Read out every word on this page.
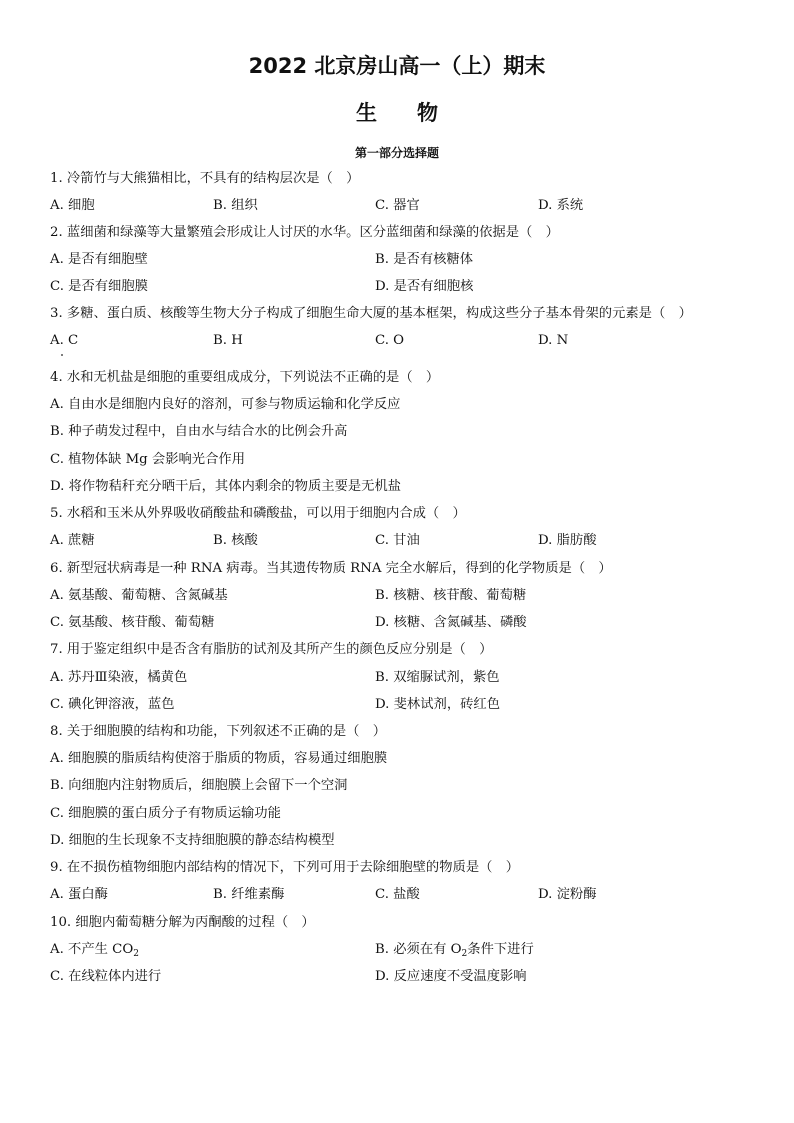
2022 北京房山高一（上）期末
生物
第一部分选择题
1. 冷箭竹与大熊猫相比，不具有的结构层次是（　）
A. 细胞	B. 组织	C. 器官	D. 系统
2. 蓝细菌和绿藻等大量繁殖会形成让人讨厌的水华。区分蓝细菌和绿藻的依据是（　）
A. 是否有细胞壁	B. 是否有核糖体
C. 是否有细胞膜	D. 是否有细胞核
3. 多糖、蛋白质、核酸等生物大分子构成了细胞生命大厦的基本框架，构成这些分子基本骨架的元素是（　）
A. C	B. H	C. O	D. N
4. 水和无机盐是细胞的重要组成成分，下列说法不正确的是（　）
A. 自由水是细胞内良好的溶剂，可参与物质运输和化学反应
B. 种子萌发过程中，自由水与结合水的比例会升高
C. 植物体缺 Mg 会影响光合作用
D. 将作物秸秆充分晒干后，其体内剩余的物质主要是无机盐
5. 水稻和玉米从外界吸收硝酸盐和磷酸盐，可以用于细胞内合成（　）
A. 蔗糖	B. 核酸	C. 甘油	D. 脂肪酸
6. 新型冠状病毒是一种 RNA 病毒。当其遗传物质 RNA 完全水解后，得到的化学物质是（　）
A. 氨基酸、葡萄糖、含氮碱基	B. 核糖、核苷酸、葡萄糖
C. 氨基酸、核苷酸、葡萄糖	D. 核糖、含氮碱基、磷酸
7. 用于鉴定组织中是否含有脂肪的试剂及其所产生的颜色反应分别是（　）
A. 苏丹Ⅲ染液，橘黄色	B. 双缩脲试剂，紫色
C. 碘化钾溶液，蓝色	D. 斐林试剂，砖红色
8. 关于细胞膜的结构和功能，下列叙述不正确的是（　）
A. 细胞膜的脂质结构使溶于脂质的物质，容易通过细胞膜
B. 向细胞内注射物质后，细胞膜上会留下一个空洞
C. 细胞膜的蛋白质分子有物质运输功能
D. 细胞的生长现象不支持细胞膜的静态结构模型
9. 在不损伤植物细胞内部结构的情况下，下列可用于去除细胞壁的物质是（　）
A. 蛋白酶	B. 纤维素酶	C. 盐酸	D. 淀粉酶
10. 细胞内葡萄糖分解为丙酮酸的过程（　）
A. 不产生 $CO_2$	B. 必须在有 $O_2$条件下进行
C. 在线粒体内进行	D. 反应速度不受温度影响
